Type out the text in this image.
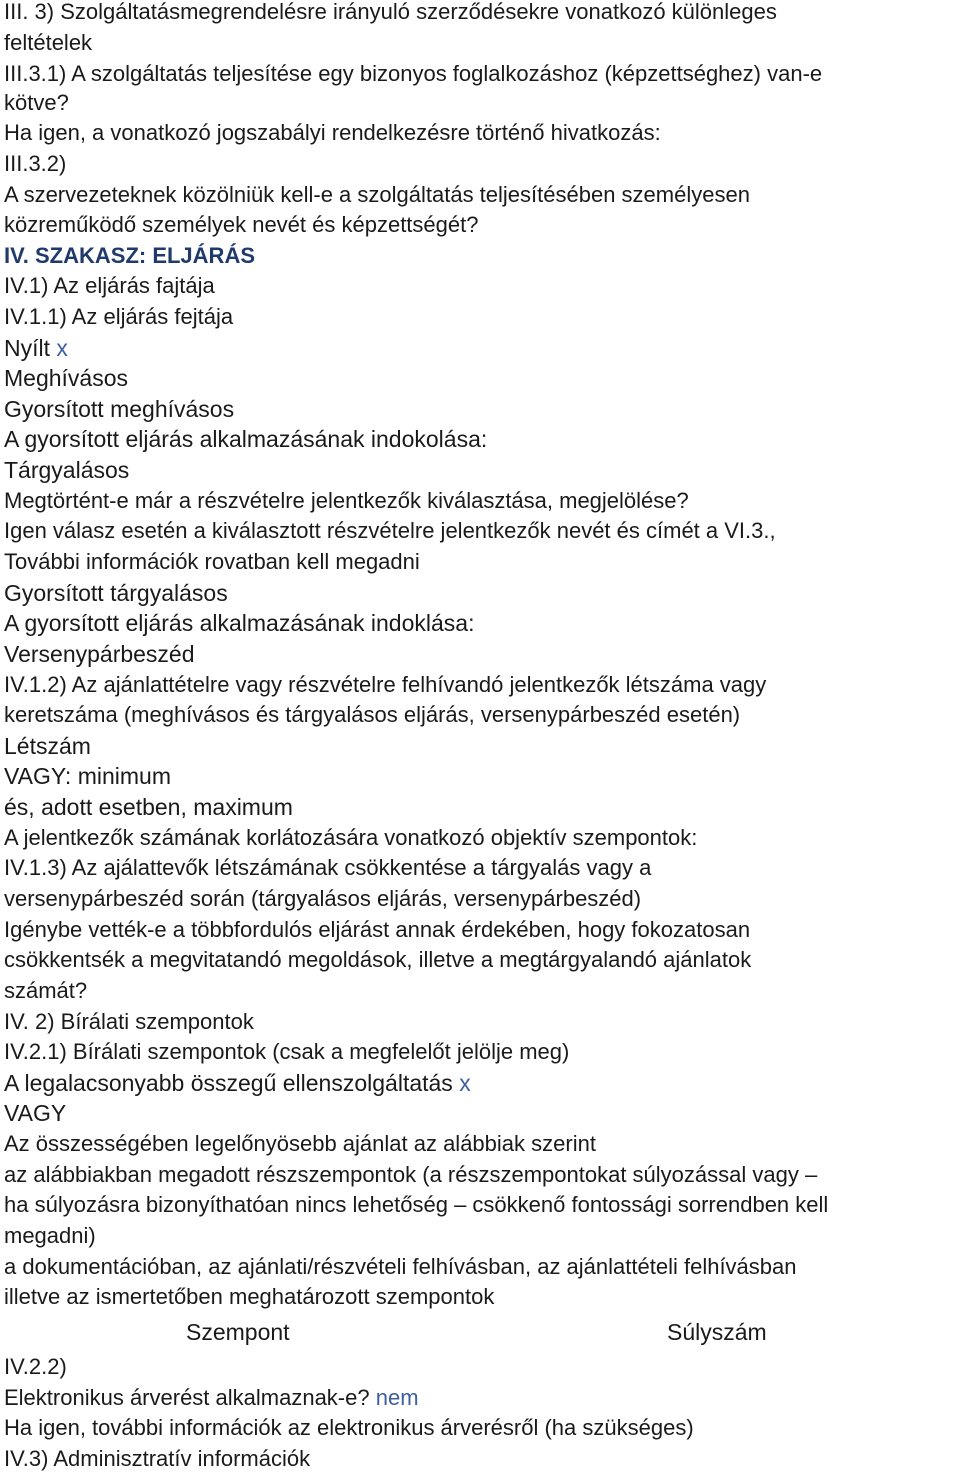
III. 3) Szolgáltatásmegrendelésre irányuló szerződésekre vonatkozó különleges
feltételek
III.3.1) A szolgáltatás teljesítése egy bizonyos foglalkozáshoz (képzettséghez) van-e
kötve?
Ha igen, a vonatkozó jogszabályi rendelkezésre történő hivatkozás:
III.3.2)
A szervezeteknek közölniük kell-e a szolgáltatás teljesítésében személyesen
közreműködő személyek nevét és képzettségét?
IV. SZAKASZ: ELJÁRÁS
IV.1) Az eljárás fajtája
IV.1.1) Az eljárás fejtája
Nyílt x
Meghívásos
Gyorsított meghívásos
A gyorsított eljárás alkalmazásának indokolása:
Tárgyalásos
Megtörtént-e már a részvételre jelentkezők kiválasztása, megjelölése?
Igen válasz esetén a kiválasztott részvételre jelentkezők nevét és címét a VI.3.,
További információk rovatban kell megadni
Gyorsított tárgyalásos
A gyorsított eljárás alkalmazásának indoklása:
Versenypárbeszéd
IV.1.2) Az ajánlattételre vagy részvételre felhívandó jelentkezők létszáma vagy
keretszáma (meghívásos és tárgyalásos eljárás, versenypárbeszéd esetén)
Létszám
VAGY: minimum
és, adott esetben, maximum
A jelentkezők számának korlátozására vonatkozó objektív szempontok:
IV.1.3) Az ajálattevők létszámának csökkentése a tárgyalás vagy a
versenypárbeszéd során (tárgyalásos eljárás, versenypárbeszéd)
Igénybe vették-e a többfordulós eljárást annak érdekében, hogy fokozatosan
csökkentsék a megvitatandó megoldások, illetve a megtárgyalandó ajánlatok
számát?
IV. 2) Bírálati szempontok
IV.2.1) Bírálati szempontok (csak a megfelelőt jelölje meg)
A legalacsonyabb összegű ellenszolgáltatás x
VAGY
Az összességében legelőnyösebb ajánlat az alábbiak szerint
az alábbiakban megadott részszempontok (a részszempontokat súlyozással vagy –
ha súlyozásra bizonyíthatóan nincs lehetőség – csökkenő fontossági sorrendben kell
megadni)
a dokumentációban, az ajánlati/részvételi felhívásban, az ajánlattételi felhívásban
illetve az ismertetőben meghatározott szempontok
Szempont	Súlyszám
IV.2.2)
Elektronikus árverést alkalmaznak-e? nem
Ha igen, további információk az elektronikus árverésről (ha szükséges)
IV.3) Adminisztratív információk
